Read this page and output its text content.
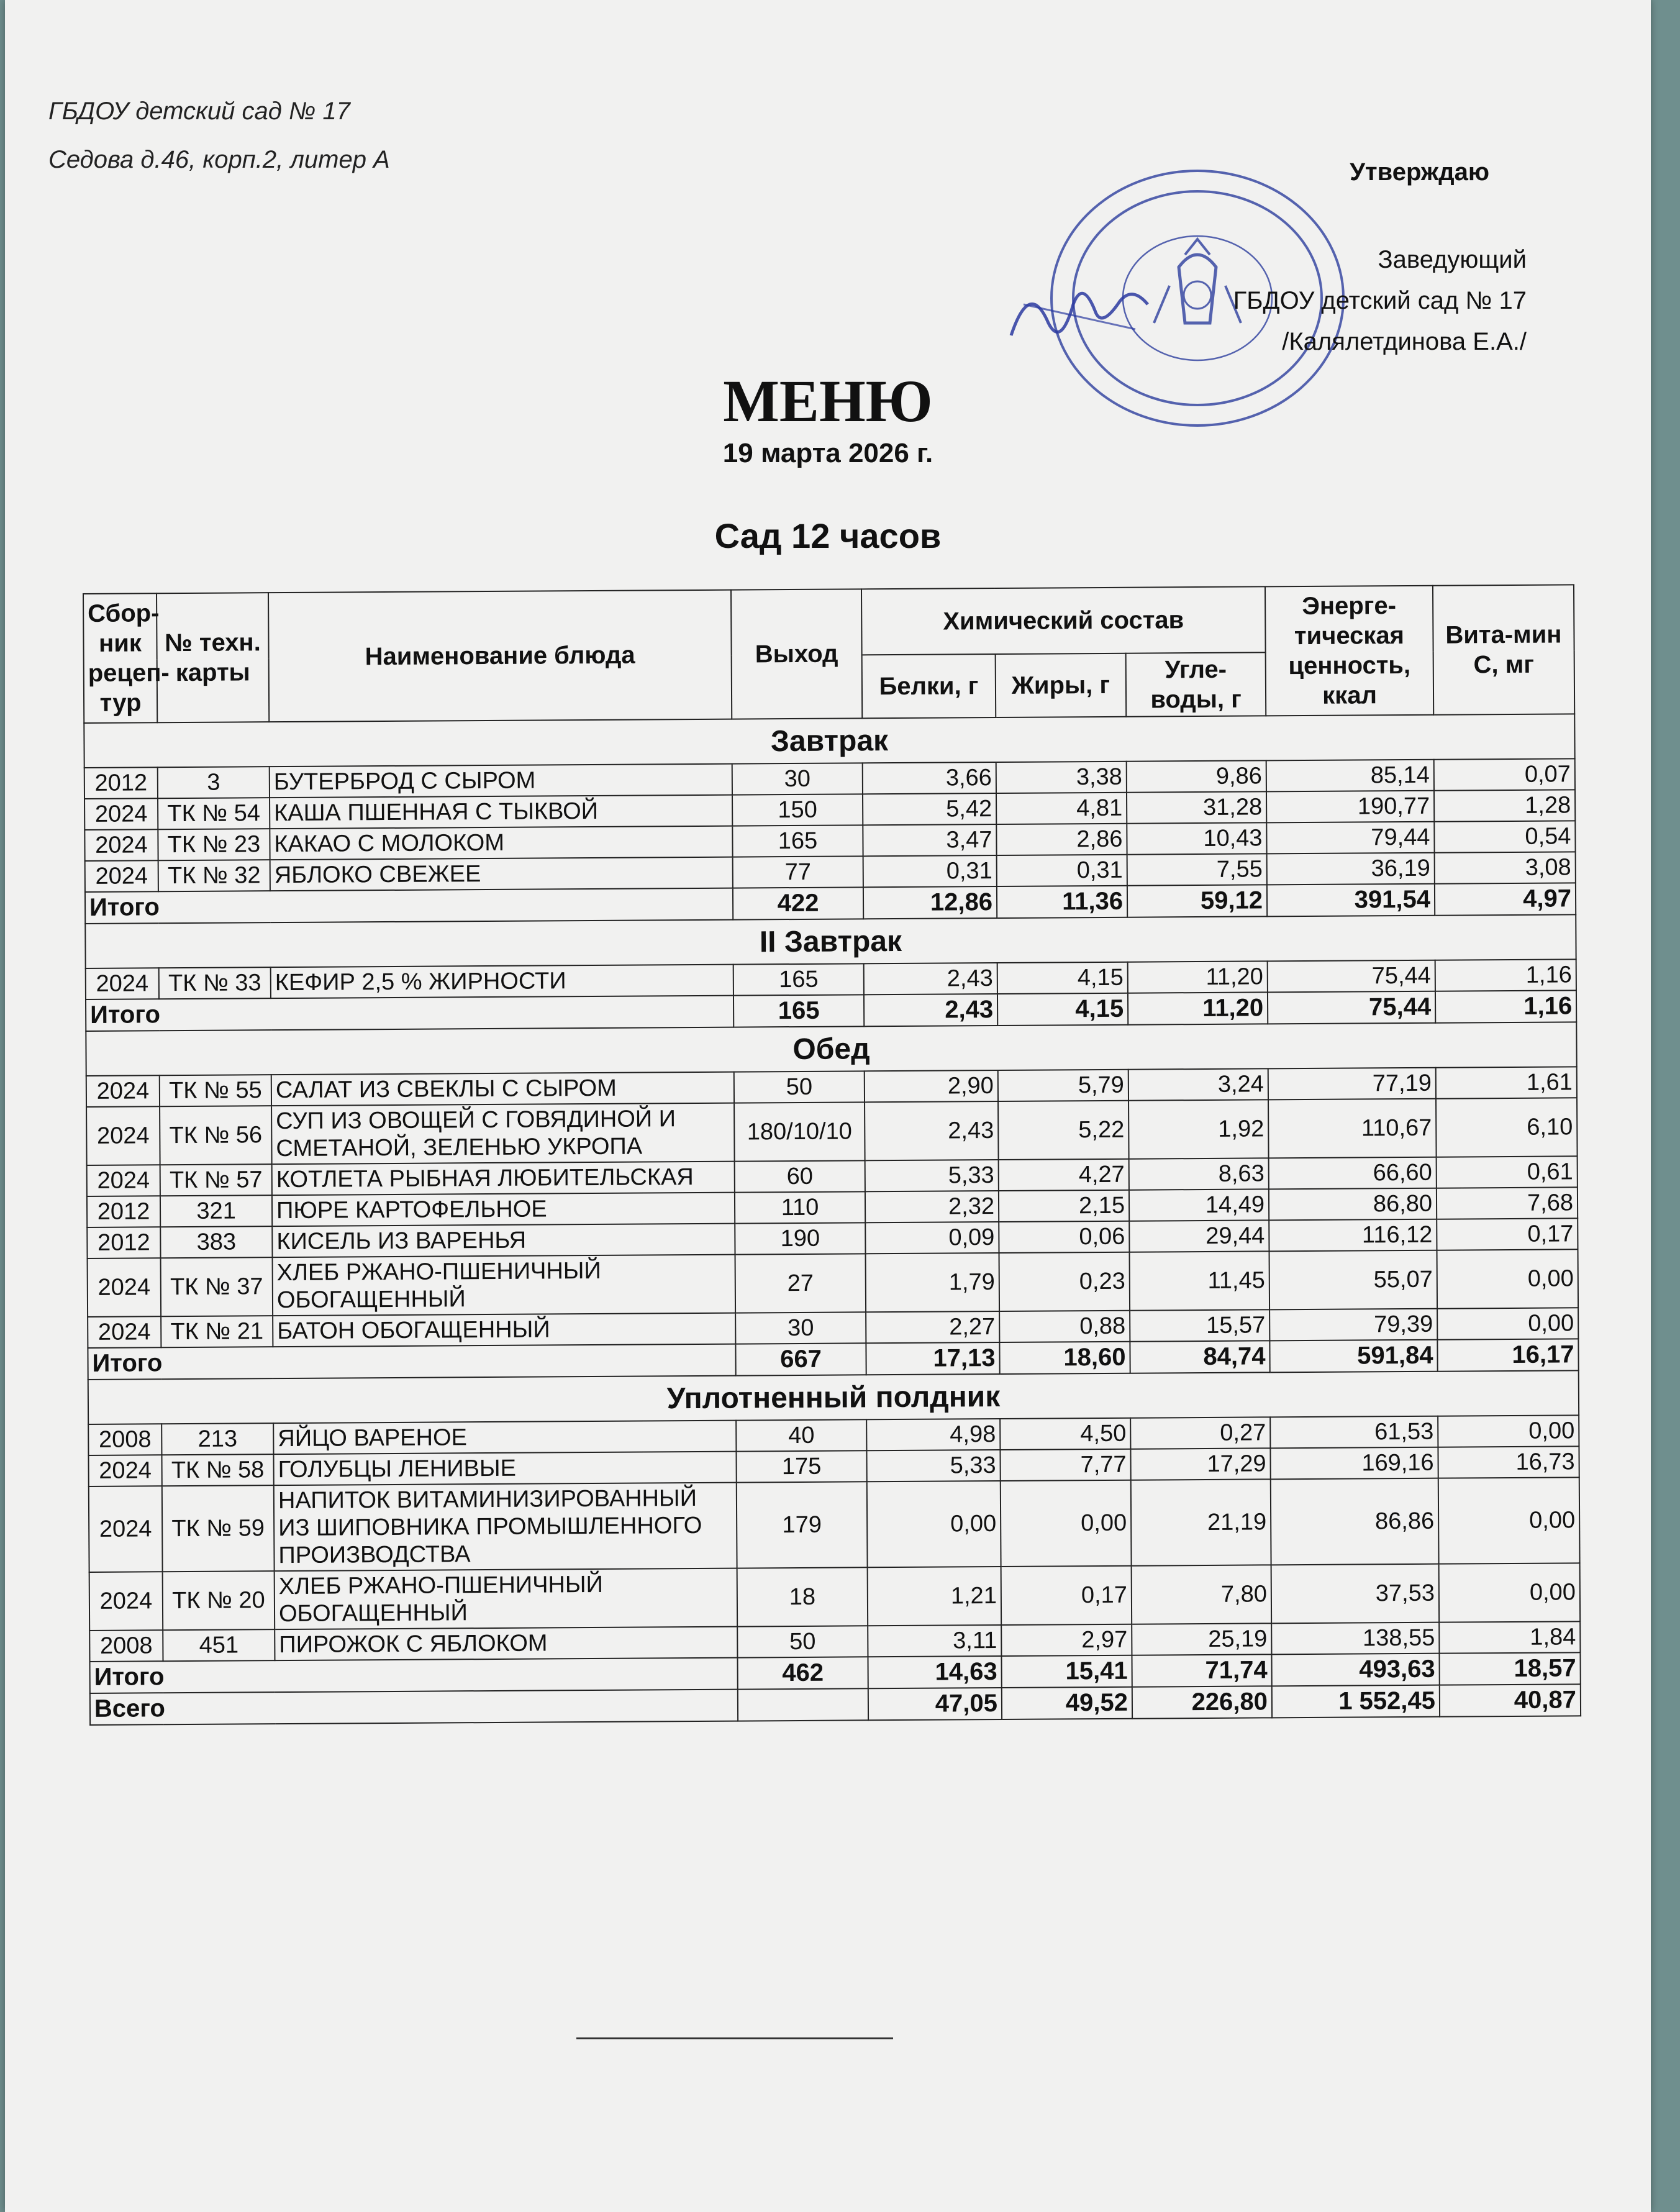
ГБДОУ детский сад № 17
Седова д.46, корп.2, литер А	Утверждаю
Заведующий
ГБДОУ детский сад № 17
/Калялетдинова Е.А./
МЕНЮ
19 марта 2026 г.
Сад 12 часов
Сбор-ник рецеп-тур	№ техн. карты	Наименование блюда	Выход	Химический состав			Энерге-тическая ценность, ккал	Вита-мин С, мг
				Белки, г	Жиры, г	Угле-воды, г		
Завтрак								
2012	3	БУТЕРБРОД С СЫРОМ	30	3,66	3,38	9,86	85,14	0,07
2024	ТК № 54	КАША ПШЕННАЯ С ТЫКВОЙ	150	5,42	4,81	31,28	190,77	1,28
2024	ТК № 23	КАКАО С МОЛОКОМ	165	3,47	2,86	10,43	79,44	0,54
2024	ТК № 32	ЯБЛОКО СВЕЖЕЕ	77	0,31	0,31	7,55	36,19	3,08
Итого			422	12,86	11,36	59,12	391,54	4,97
II Завтрак								
2024	ТК № 33	КЕФИР 2,5 % ЖИРНОСТИ	165	2,43	4,15	11,20	75,44	1,16
Итого			165	2,43	4,15	11,20	75,44	1,16
Обед								
2024	ТК № 55	САЛАТ ИЗ СВЕКЛЫ С СЫРОМ	50	2,90	5,79	3,24	77,19	1,61
2024	ТК № 56	СУП ИЗ ОВОЩЕЙ С ГОВЯДИНОЙ И СМЕТАНОЙ, ЗЕЛЕНЬЮ УКРОПА	180/10/10	2,43	5,22	1,92	110,67	6,10
2024	ТК № 57	КОТЛЕТА РЫБНАЯ ЛЮБИТЕЛЬСКАЯ	60	5,33	4,27	8,63	66,60	0,61
2012	321	ПЮРЕ КАРТОФЕЛЬНОЕ	110	2,32	2,15	14,49	86,80	7,68
2012	383	КИСЕЛЬ ИЗ ВАРЕНЬЯ	190	0,09	0,06	29,44	116,12	0,17
2024	ТК № 37	ХЛЕБ РЖАНО-ПШЕНИЧНЫЙ ОБОГАЩЕННЫЙ	27	1,79	0,23	11,45	55,07	0,00
2024	ТК № 21	БАТОН ОБОГАЩЕННЫЙ	30	2,27	0,88	15,57	79,39	0,00
Итого			667	17,13	18,60	84,74	591,84	16,17
Уплотненный полдник								
2008	213	ЯЙЦО ВАРЕНОЕ	40	4,98	4,50	0,27	61,53	0,00
2024	ТК № 58	ГОЛУБЦЫ ЛЕНИВЫЕ	175	5,33	7,77	17,29	169,16	16,73
2024	ТК № 59	НАПИТОК ВИТАМИНИЗИРОВАННЫЙ ИЗ ШИПОВНИКА ПРОМЫШЛЕННОГО ПРОИЗВОДСТВА	179	0,00	0,00	21,19	86,86	0,00
2024	ТК № 20	ХЛЕБ РЖАНО-ПШЕНИЧНЫЙ ОБОГАЩЕННЫЙ	18	1,21	0,17	7,80	37,53	0,00
2008	451	ПИРОЖОК С ЯБЛОКОМ	50	3,11	2,97	25,19	138,55	1,84
Итого			462	14,63	15,41	71,74	493,63	18,57
Всего				47,05	49,52	226,80	1 552,45	40,87
